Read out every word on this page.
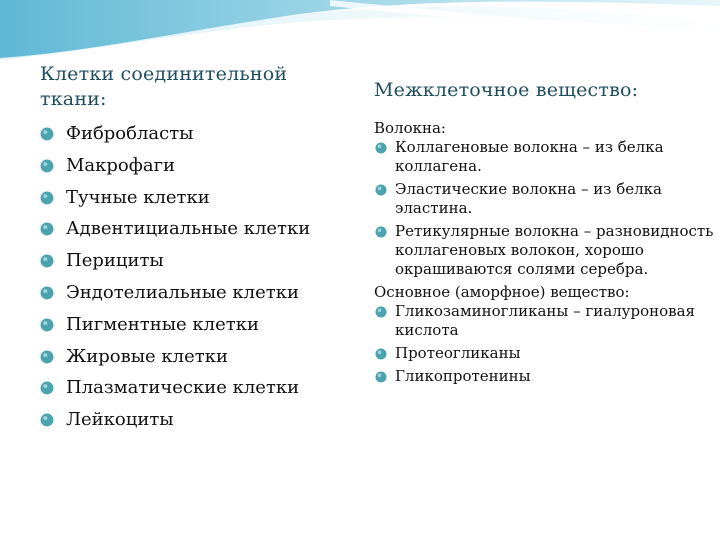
Клетки соединительной ткани:
Фибробласты
Макрофаги
Тучные клетки
Адвентициальные клетки
Перициты
Эндотелиальные клетки
Пигментные клетки
Жировые клетки
Плазматические клетки
Лейкоциты
Межклеточное вещество:

Волокна:

Коллагеновые волокна – из белка коллагена.
Эластические волокна – из белка эластина.
Ретикулярные волокна – разновидность коллагеновых волокон, хорошо окрашиваются солями серебра.

Основное (аморфное) вещество:

Гликозаминогликаны – гиалуроновая кислота
Протеогликаны
Гликопротенины
